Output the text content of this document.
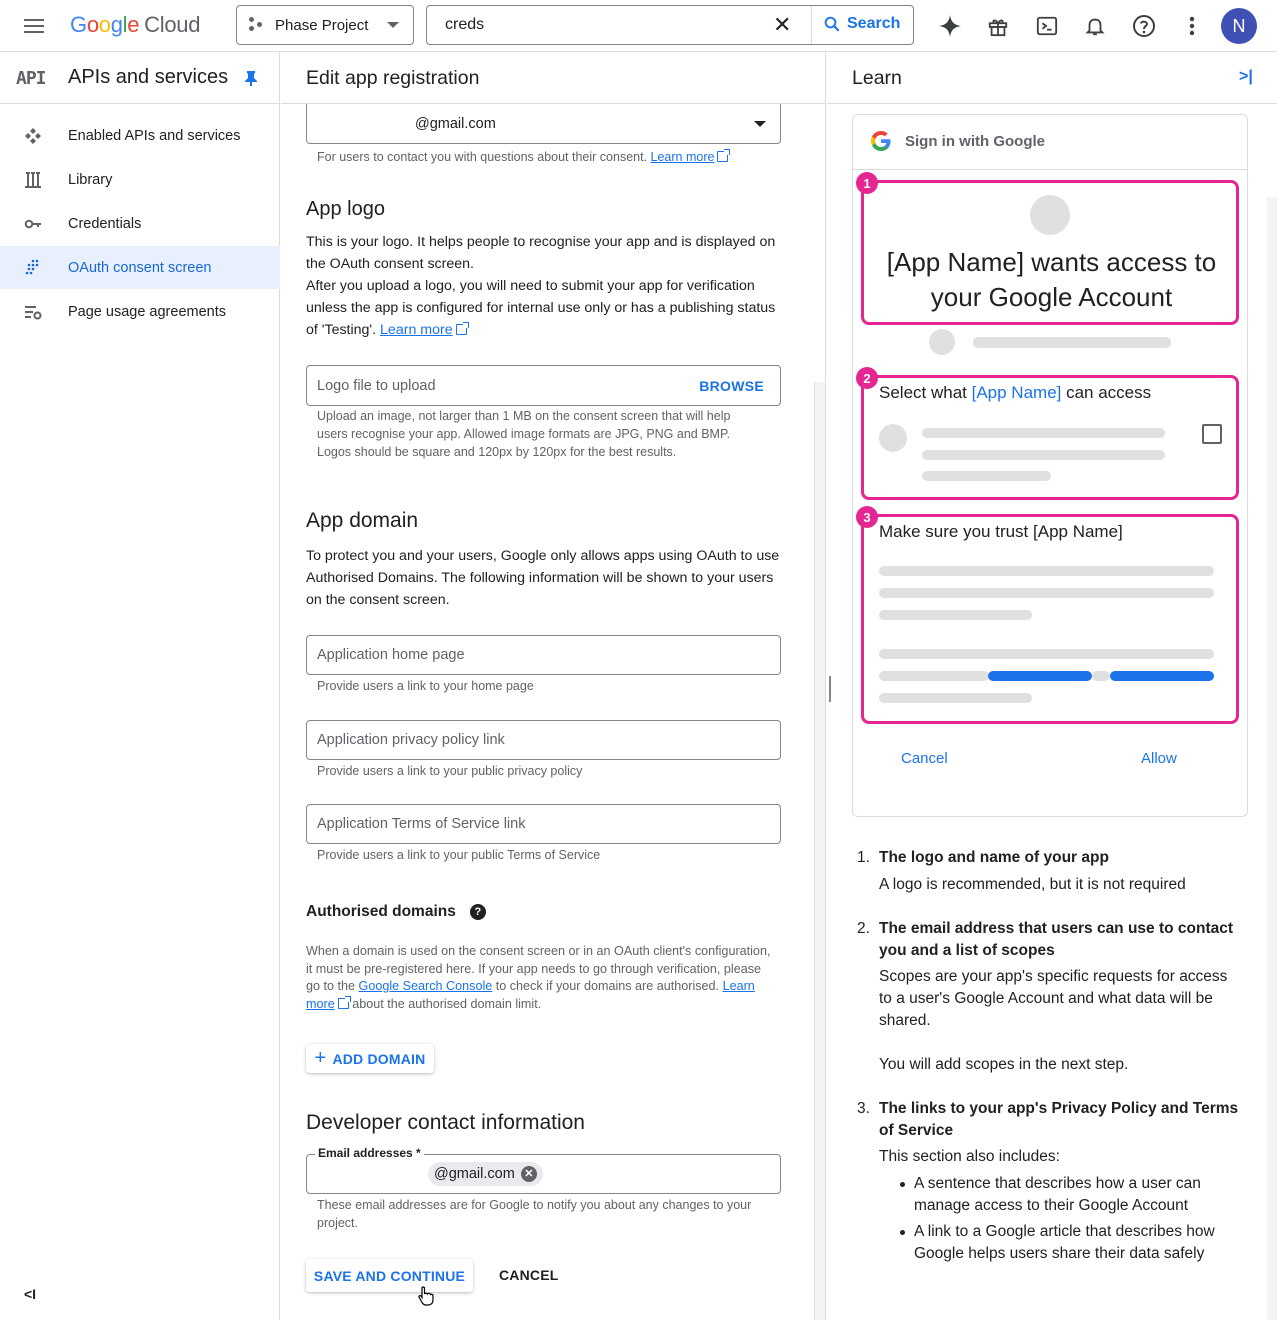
Google Cloud	Phase Project	creds	✕	Search	N
API APIs and services
Enabled APIs and services
Library
Credentials
OAuth consent screen
Page usage agreements
<I
Edit app registration
@gmail.com
For users to contact you with questions about their consent. Learn more
App logo
This is your logo. It helps people to recognise your app and is displayed on the OAuth consent screen.
After you upload a logo, you will need to submit your app for verification unless the app is configured for internal use only or has a publishing status of 'Testing'. Learn more
Logo file to upload	BROWSE
Upload an image, not larger than 1 MB on the consent screen that will help users recognise your app. Allowed image formats are JPG, PNG and BMP. Logos should be square and 120px by 120px for the best results.
App domain
To protect you and your users, Google only allows apps using OAuth to use Authorised Domains. The following information will be shown to your users on the consent screen.
Application home page
Provide users a link to your home page
Application privacy policy link
Provide users a link to your public privacy policy
Application Terms of Service link
Provide users a link to your public Terms of Service
Authorised domains	?
When a domain is used on the consent screen or in an OAuth client's configuration, it must be pre-registered here. If your app needs to go through verification, please go to the Google Search Console to check if your domains are authorised. Learn more about the authorised domain limit.
+ ADD DOMAIN
Developer contact information
Email addresses *
@gmail.com ✕
These email addresses are for Google to notify you about any changes to your project.
SAVE AND CONTINUE	CANCEL
Learn	>|
Sign in with Google
1
[App Name] wants access to your Google Account
2
Select what [App Name] can access
3
Make sure you trust [App Name]
Cancel	Allow
1. The logo and name of your app
A logo is recommended, but it is not required
2. The email address that users can use to contact you and a list of scopes
Scopes are your app's specific requests for access to a user's Google Account and what data will be shared.
You will add scopes in the next step.
3. The links to your app's Privacy Policy and Terms of Service
This section also includes:
A sentence that describes how a user can manage access to their Google Account
A link to a Google article that describes how Google helps users share their data safely
